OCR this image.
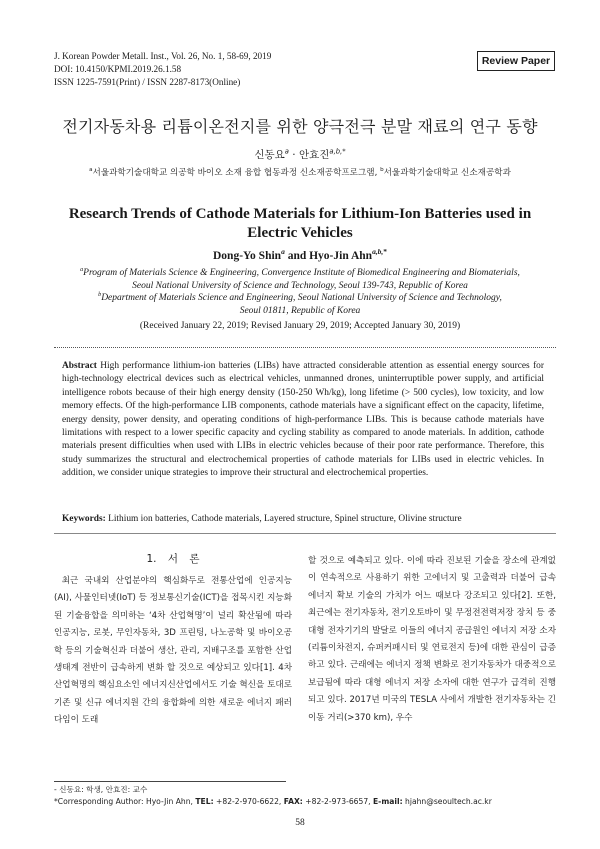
J. Korean Powder Metall. Inst., Vol. 26, No. 1, 58-69, 2019
DOI: 10.4150/KPMI.2019.26.1.58
ISSN 1225-7591(Print) / ISSN 2287-8173(Online)
Review Paper
전기자동차용 리튬이온전지를 위한 양극전극 분말 재료의 연구 동향
신동요$^a$ · 안효진$^{a,b,*}$
$^a$서울과학기술대학교 의공학 바이오 소재 융합 협동과정 신소재공학프로그램, $^b$서울과학기술대학교 신소재공학과
Research Trends of Cathode Materials for Lithium-Ion Batteries used in Electric Vehicles
Dong-Yo Shin$^a$ and Hyo-Jin Ahn$^{a,b,*}$
$^a$Program of Materials Science & Engineering, Convergence Institute of Biomedical Engineering and Biomaterials,
Seoul National University of Science and Technology, Seoul 139-743, Republic of Korea
$^b$Department of Materials Science and Engineering, Seoul National University of Science and Technology,
Seoul 01811, Republic of Korea
(Received January 22, 2019; Revised January 29, 2019; Accepted January 30, 2019)
Abstract High performance lithium-ion batteries (LIBs) have attracted considerable attention as essential energy sources for high-technology electrical devices such as electrical vehicles, unmanned drones, uninterruptible power supply, and artificial intelligence robots because of their high energy density (150-250 Wh/kg), long lifetime (> 500 cycles), low toxicity, and low memory effects. Of the high-performance LIB components, cathode materials have a significant effect on the capacity, lifetime, energy density, power density, and operating conditions of high-performance LIBs. This is because cathode materials have limitations with respect to a lower specific capacity and cycling stability as compared to anode materials. In addition, cathode materials present difficulties when used with LIBs in electric vehicles because of their poor rate performance. Therefore, this study summarizes the structural and electrochemical properties of cathode materials for LIBs used in electric vehicles. In addition, we consider unique strategies to improve their structural and electrochemical properties.
Keywords: Lithium ion batteries, Cathode materials, Layered structure, Spinel structure, Olivine structure
1. 서 론

최근 국내외 산업분야의 핵심화두로 전통산업에 인공지능(AI), 사물인터넷(IoT) 등 정보통신기술(ICT)을 접목시킨 지능화된 기술융합을 의미하는 ‘4차 산업혁명’이 널리 확산됨에 따라 인공지능, 로봇, 무인자동차, 3D 프린팅, 나노공학 및 바이오공학 등의 기술혁신과 더불어 생산, 관리, 지배구조를 포함한 산업생태계 전반이 급속하게 변화 할 것으로 예상되고 있다[1]. 4차 산업혁명의 핵심요소인 에너지신산업에서도 기술 혁신을 토대로 기존 및 신규 에너지원 간의 융합화에 의한 새로운 에너지 패러다임이 도래

할 것으로 예측되고 있다. 이에 따라 진보된 기술을 장소에 관계없이 연속적으로 사용하기 위한 고에너지 및 고출력과 더불어 급속 에너지 확보 기술의 가치가 어느 때보다 강조되고 있다[2]. 또한, 최근에는 전기자동차, 전기오토바이 및 무정전전력저장 장치 등 중대형 전자기기의 발달로 이들의 에너지 공급원인 에너지 저장 소자(리튬이차전지, 슈퍼커패시터 및 연료전지 등)에 대한 관심이 급증하고 있다. 근래에는 에너지 정책 변화로 전기자동차가 대중적으로 보급됨에 따라 대형 에너지 저장 소자에 대한 연구가 급격히 진행되고 있다. 2017년 미국의 TESLA 사에서 개발한 전기자동차는 긴 이동 거리(>370 km), 우수

- 신동요: 학생, 안효진: 교수
*Corresponding Author: Hyo-Jin Ahn, TEL: +82-2-970-6622, FAX: +82-2-973-6657, E-mail: hjahn@seoultech.ac.kr
58
